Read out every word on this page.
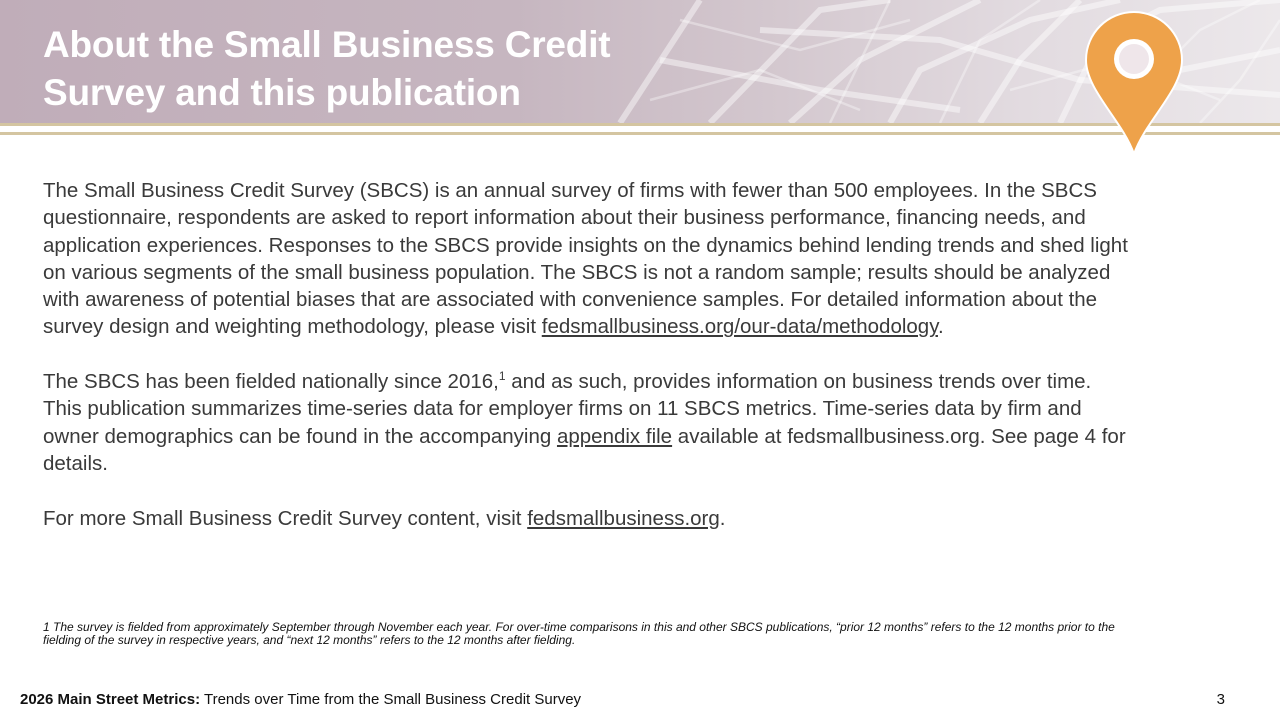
About the Small Business Credit
Survey and this publication

The Small Business Credit Survey (SBCS) is an annual survey of firms with fewer than 500 employees. In the SBCS questionnaire, respondents are asked to report information about their business performance, financing needs, and application experiences. Responses to the SBCS provide insights on the dynamics behind lending trends and shed light on various segments of the small business population. The SBCS is not a random sample; results should be analyzed with awareness of potential biases that are associated with convenience samples. For detailed information about the survey design and weighting methodology, please visit fedsmallbusiness.org/our-data/methodology.

The SBCS has been fielded nationally since 2016,$^1$ and as such, provides information on business trends over time. This publication summarizes time-series data for employer firms on 11 SBCS metrics. Time-series data by firm and owner demographics can be found in the accompanying appendix file available at fedsmallbusiness.org. See page 4 for details.

For more Small Business Credit Survey content, visit fedsmallbusiness.org.

1 The survey is fielded from approximately September through November each year. For over-time comparisons in this and other SBCS publications, “prior 12 months” refers to the 12 months prior to the fielding of the survey in respective years, and “next 12 months” refers to the 12 months after fielding.

2026 Main Street Metrics: Trends over Time from the Small Business Credit Survey	3
